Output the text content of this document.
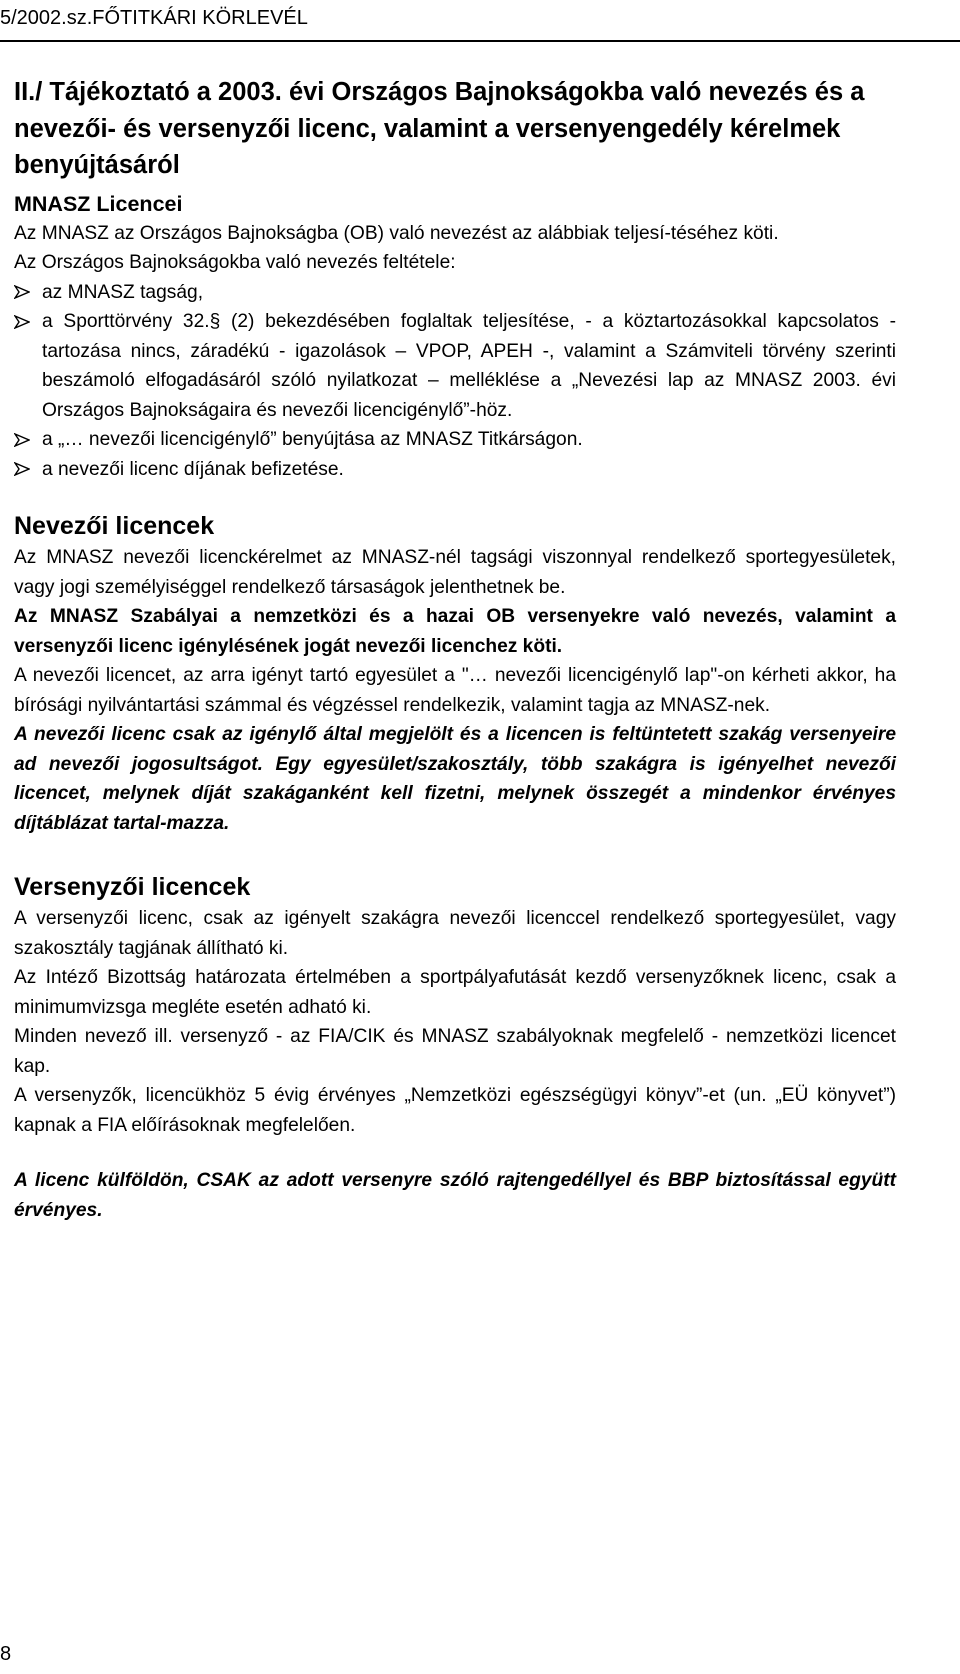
5/2002.sz.FŐTITKÁRI KÖRLEVÉL
II./ Tájékoztató a 2003. évi Országos Bajnokságokba való nevezés és a nevezői- és versenyzői licenc, valamint a versenyengedély kérelmek benyújtásáról
MNASZ Licencei

Az MNASZ az Országos Bajnokságba (OB) való nevezést az alábbiak teljesí-téséhez köti.

Az Országos Bajnokságokba való nevezés feltétele:

az MNASZ tagság,
a Sporttörvény 32.§ (2) bekezdésében foglaltak teljesítése, - a köztartozásokkal kapcsolatos - tartozása nincs, záradékú - igazolások – VPOP, APEH -, valamint a Számviteli törvény szerinti beszámoló elfogadásáról szóló nyilatkozat – melléklése a „Nevezési lap az MNASZ 2003. évi Országos Bajnokságaira és nevezői licencigénylő”-höz.
a „… nevezői licencigénylő” benyújtása az MNASZ Titkárságon.
a nevezői licenc díjának befizetése.
Nevezői licencek

Az MNASZ nevezői licenckérelmet az MNASZ-nél tagsági viszonnyal rendelkező sportegyesületek, vagy jogi személyiséggel rendelkező társaságok jelenthetnek be.

Az MNASZ Szabályai a nemzetközi és a hazai OB versenyekre való nevezés, valamint a versenyzői licenc igénylésének jogát nevezői licenchez köti.

A nevezői licencet, az arra igényt tartó egyesület a "… nevezői licencigénylő lap"-on kérheti akkor, ha bírósági nyilvántartási számmal és végzéssel rendelkezik, valamint tagja az MNASZ-nek.

A nevezői licenc csak az igénylő által megjelölt és a licencen is feltüntetett szakág versenyeire ad nevezői jogosultságot. Egy egyesület/szakosztály, több szakágra is igényelhet nevezői licencet, melynek díját szakáganként kell fizetni, melynek összegét a mindenkor érvényes díjtáblázat tartal-mazza.

Versenyzői licencek

A versenyzői licenc, csak az igényelt szakágra nevezői licenccel rendelkező sportegyesület, vagy szakosztály tagjának állítható ki.

Az Intéző Bizottság határozata értelmében a sportpályafutását kezdő versenyzőknek licenc, csak a minimumvizsga megléte esetén adható ki.

Minden nevező ill. versenyző - az FIA/CIK és MNASZ szabályoknak megfelelő - nemzetközi licencet kap.

A versenyzők, licencükhöz 5 évig érvényes „Nemzetközi egészségügyi könyv”-et (un. „EÜ könyvet”) kapnak a FIA előírásoknak megfelelően.

A licenc külföldön, CSAK az adott versenyre szóló rajtengedéllyel és BBP biztosítással együtt érvényes.

8
